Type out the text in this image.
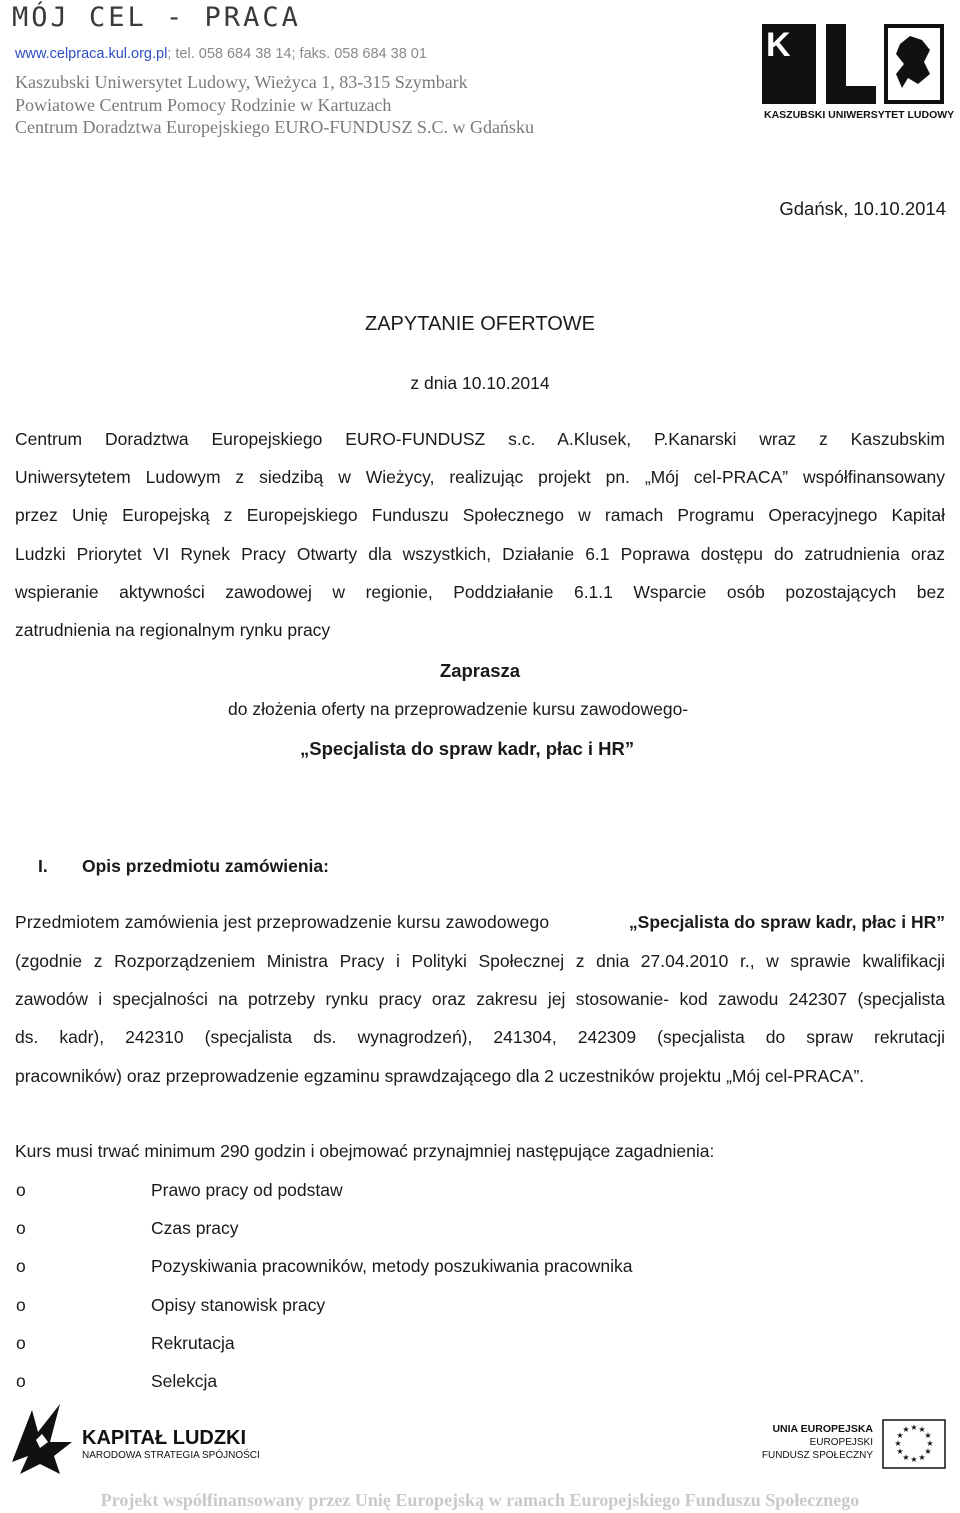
MÓJ CEL - PRACA
www.celpraca.kul.org.pl; tel. 058 684 38 14; faks. 058 684 38 01
Kaszubski Uniwersytet Ludowy, Wieżyca 1, 83-315 Szymbark
Powiatowe Centrum Pomocy Rodzinie w Kartuzach
Centrum Doradztwa Europejskiego EURO-FUNDUSZ S.C. w Gdańsku
K
KASZUBSKI UNIWERSYTET LUDOWY
Gdańsk, 10.10.2014
ZAPYTANIE OFERTOWE
z dnia 10.10.2014
Centrum Doradztwa Europejskiego EURO-FUNDUSZ s.c. A.Klusek, P.Kanarski wraz z Kaszubskim
Uniwersytetem Ludowym z siedzibą w Wieżycy, realizując projekt pn. „Mój cel-PRACA” współfinansowany
przez Unię Europejską z Europejskiego Funduszu Społecznego w ramach Programu Operacyjnego Kapitał
Ludzki Priorytet VI Rynek Pracy Otwarty dla wszystkich, Działanie 6.1 Poprawa dostępu do zatrudnienia oraz
wspieranie aktywności zawodowej w regionie, Poddziałanie 6.1.1 Wsparcie osób pozostających bez
zatrudnienia na regionalnym rynku pracy
Zaprasza
do złożenia oferty na przeprowadzenie kursu zawodowego-
„Specjalista do spraw kadr, płac i HR”
I. Opis przedmiotu zamówienia:
Przedmiotem zamówienia jest przeprowadzenie kursu zawodowego	„Specjalista do spraw kadr, płac i HR”
(zgodnie z Rozporządzeniem Ministra Pracy i Polityki Społecznej z dnia 27.04.2010 r., w sprawie kwalifikacji
zawodów i specjalności na potrzeby rynku pracy oraz zakresu jej stosowanie- kod zawodu 242307 (specjalista
ds. kadr), 242310 (specjalista ds. wynagrodzeń), 241304, 242309 (specjalista do spraw rekrutacji
pracowników) oraz przeprowadzenie egzaminu sprawdzającego dla 2 uczestników projektu „Mój cel-PRACA”.
Kurs musi trwać minimum 290 godzin i obejmować przynajmniej następujące zagadnienia:
o	Prawo pracy od podstaw
o	Czas pracy
o	Pozyskiwania pracowników, metody poszukiwania pracownika
o	Opisy stanowisk pracy
o	Rekrutacja
o	Selekcja
KAPITAŁ LUDZKI
NARODOWA STRATEGIA SPÓJNOŚCI
UNIA EUROPEJSKA
EUROPEJSKI
FUNDUSZ SPOŁECZNY
★ ★
★
★
★
★
★
★
★
★
★
★
Projekt współfinansowany przez Unię Europejską w ramach Europejskiego Funduszu Społecznego
